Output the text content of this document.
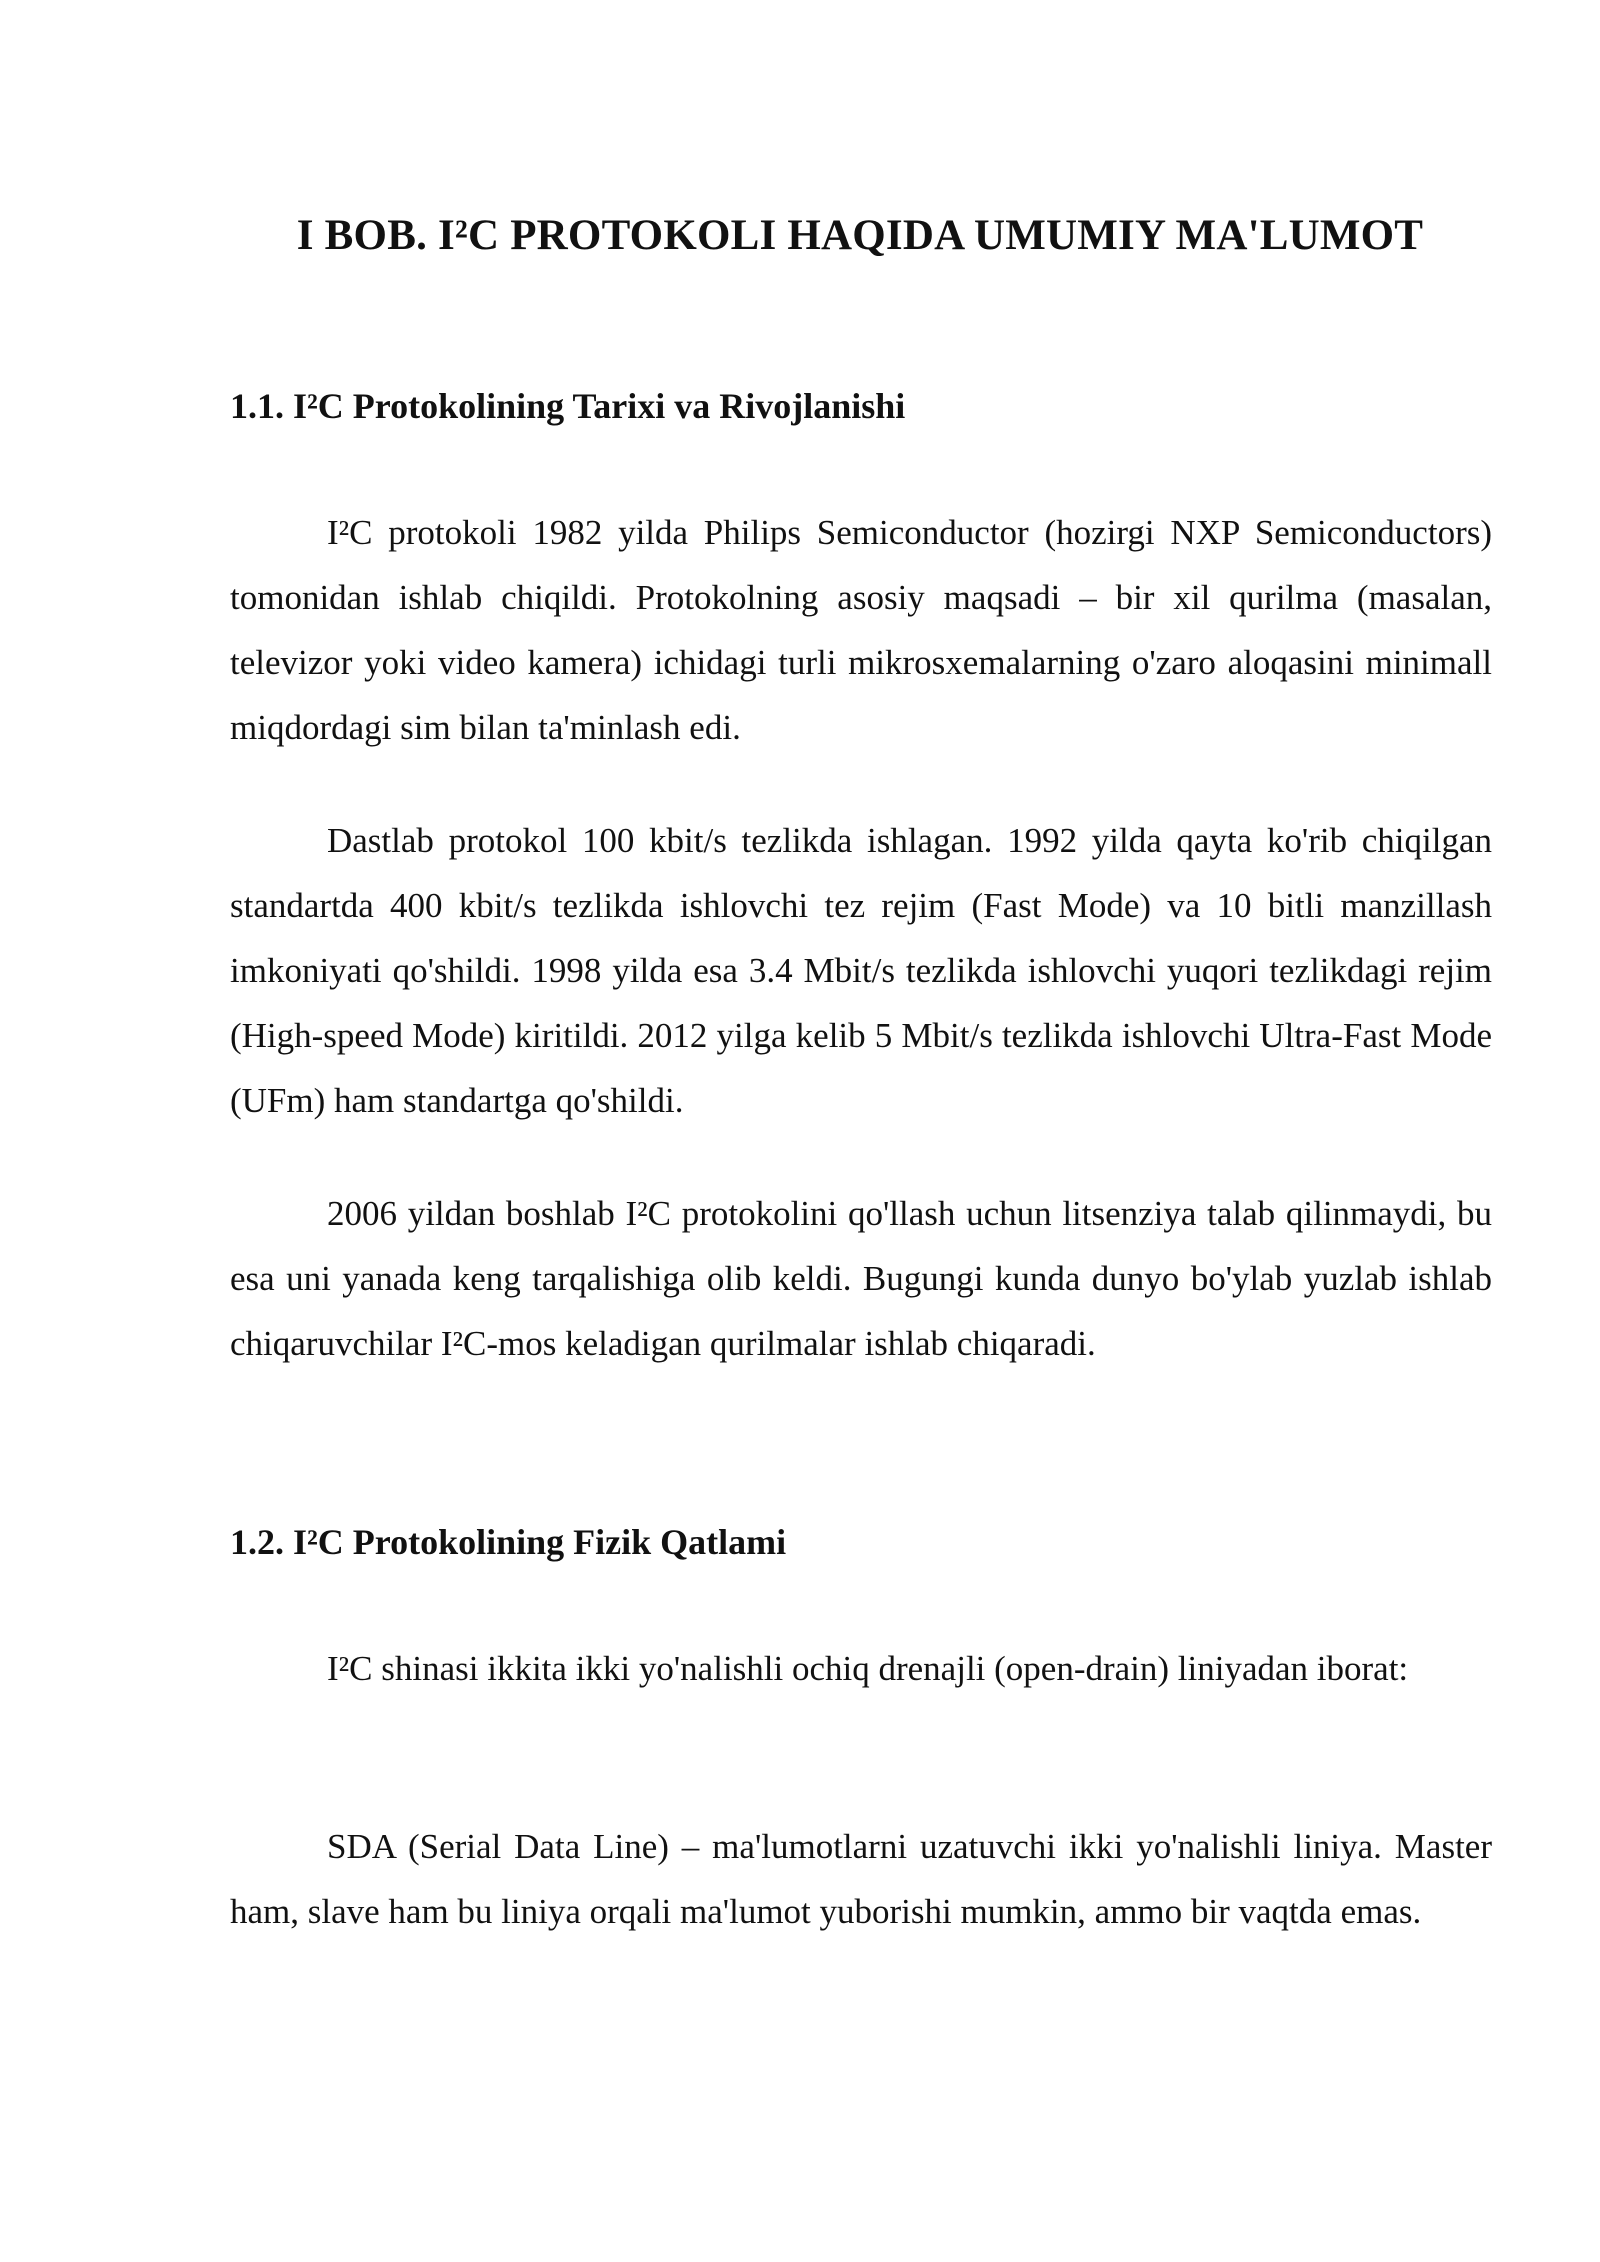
I BOB. I²C PROTOKOLI HAQIDA UMUMIY MA'LUMOT
1.1. I²C Protokolining Tarixi va Rivojlanishi

I²C protokoli 1982 yilda Philips Semiconductor (hozirgi NXP Semiconductors) tomonidan ishlab chiqildi. Protokolning asosiy maqsadi – bir xil qurilma (masalan, televizor yoki video kamera) ichidagi turli mikrosxemalarning o'zaro aloqasini minimall miqdordagi sim bilan ta'minlash edi.

Dastlab protokol 100 kbit/s tezlikda ishlagan. 1992 yilda qayta ko'rib chiqilgan standartda 400 kbit/s tezlikda ishlovchi tez rejim (Fast Mode) va 10 bitli manzillash imkoniyati qo'shildi. 1998 yilda esa 3.4 Mbit/s tezlikda ishlovchi yuqori tezlikdagi rejim (High-speed Mode) kiritildi. 2012 yilga kelib 5 Mbit/s tezlikda ishlovchi Ultra-Fast Mode (UFm) ham standartga qo'shildi.

2006 yildan boshlab I²C protokolini qo'llash uchun litsenziya talab qilinmaydi, bu esa uni yanada keng tarqalishiga olib keldi. Bugungi kunda dunyo bo'ylab yuzlab ishlab chiqaruvchilar I²C-mos keladigan qurilmalar ishlab chiqaradi.

1.2. I²C Protokolining Fizik Qatlami

I²C shinasi ikkita ikki yo'nalishli ochiq drenajli (open-drain) liniyadan iborat:

SDA (Serial Data Line) – ma'lumotlarni uzatuvchi ikki yo'nalishli liniya. Master ham, slave ham bu liniya orqali ma'lumot yuborishi mumkin, ammo bir vaqtda emas.
